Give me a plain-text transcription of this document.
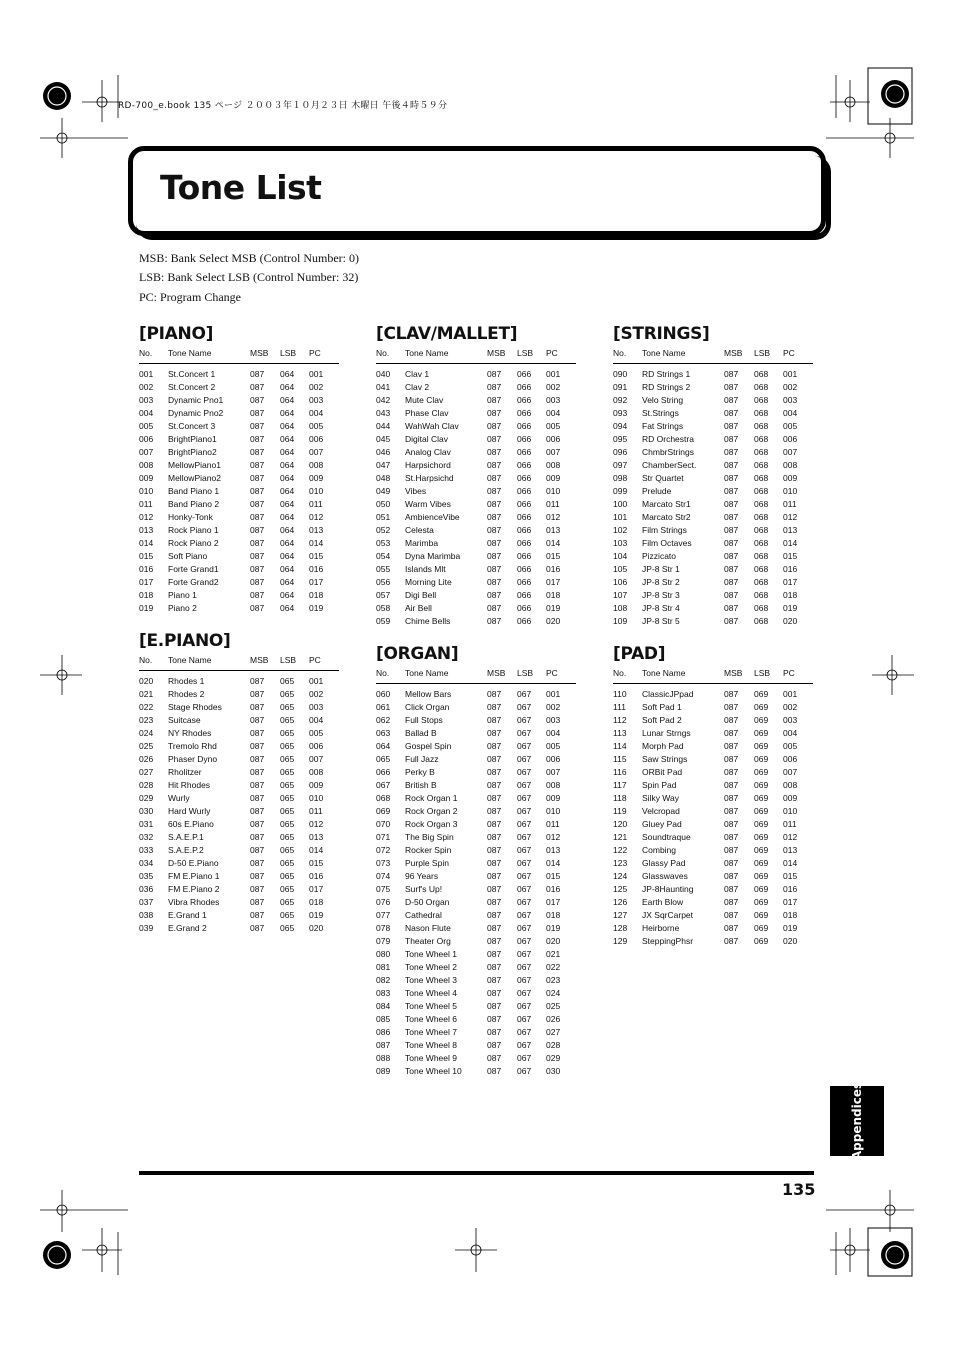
RD-700_e.book 135 ページ ２００３年１０月２３日 木曜日 午後４時５９分
Tone List
MSB: Bank Select MSB (Control Number: 0)
LSB: Bank Select LSB (Control Number: 32)
PC: Program Change
[PIANO]
No. Tone Name	MSB LSB PC
001 St.Concert 1	087 064 001
002 St.Concert 2	087 064 002
003 Dynamic Pno1	087 064 003
004 Dynamic Pno2	087 064 004
005 St.Concert 3	087 064 005
006 BrightPiano1	087 064 006
007 BrightPiano2	087 064 007
008 MellowPiano1	087 064 008
009 MellowPiano2	087 064 009
010 Band Piano 1	087 064 010
011 Band Piano 2	087 064 011
012 Honky-Tonk	087 064 012
013 Rock Piano 1	087 064 013
014 Rock Piano 2	087 064 014
015 Soft Piano	087 064 015
016 Forte Grand1	087 064 016
017 Forte Grand2	087 064 017
018 Piano 1	087 064 018
019 Piano 2	087 064 019
[E.PIANO]
No. Tone Name	MSB LSB PC
020 Rhodes 1	087 065 001
021 Rhodes 2	087 065 002
022 Stage Rhodes	087 065 003
023 Suitcase	087 065 004
024 NY Rhodes	087 065 005
025 Tremolo Rhd	087 065 006
026 Phaser Dyno	087 065 007
027 Rholitzer	087 065 008
028 Hit Rhodes	087 065 009
029 Wurly	087 065 010
030 Hard Wurly	087 065 011
031 60s E.Piano	087 065 012
032 S.A.E.P.1	087 065 013
033 S.A.E.P.2	087 065 014
034 D-50 E.Piano	087 065 015
035 FM E.Piano 1	087 065 016
036 FM E.Piano 2	087 065 017
037 Vibra Rhodes	087 065 018
038 E.Grand 1	087 065 019
039 E.Grand 2	087 065 020
[CLAV/MALLET]
No. Tone Name	MSB LSB PC
040 Clav 1	087 066 001
041 Clav 2	087 066 002
042 Mute Clav	087 066 003
043 Phase Clav	087 066 004
044 WahWah Clav	087 066 005
045 Digital Clav	087 066 006
046 Analog Clav	087 066 007
047 Harpsichord	087 066 008
048 St.Harpsichd	087 066 009
049 Vibes	087 066 010
050 Warm Vibes	087 066 011
051 AmbienceVibe	087 066 012
052 Celesta	087 066 013
053 Marimba	087 066 014
054 Dyna Marimba	087 066 015
055 Islands Mlt	087 066 016
056 Morning Lite	087 066 017
057 Digi Bell	087 066 018
058 Air Bell	087 066 019
059 Chime Bells	087 066 020
[ORGAN]
No. Tone Name	MSB LSB PC
060 Mellow Bars	087 067 001
061 Click Organ	087 067 002
062 Full Stops	087 067 003
063 Ballad B	087 067 004
064 Gospel Spin	087 067 005
065 Full Jazz	087 067 006
066 Perky B	087 067 007
067 British B	087 067 008
068 Rock Organ 1	087 067 009
069 Rock Organ 2	087 067 010
070 Rock Organ 3	087 067 011
071 The Big Spin	087 067 012
072 Rocker Spin	087 067 013
073 Purple Spin	087 067 014
074 96 Years	087 067 015
075 Surf's Up!	087 067 016
076 D-50 Organ	087 067 017
077 Cathedral	087 067 018
078 Nason Flute	087 067 019
079 Theater Org	087 067 020
080 Tone Wheel 1	087 067 021
081 Tone Wheel 2	087 067 022
082 Tone Wheel 3	087 067 023
083 Tone Wheel 4	087 067 024
084 Tone Wheel 5	087 067 025
085 Tone Wheel 6	087 067 026
086 Tone Wheel 7	087 067 027
087 Tone Wheel 8	087 067 028
088 Tone Wheel 9	087 067 029
089 Tone Wheel 10	087 067 030
[STRINGS]
No. Tone Name	MSB LSB PC
090 RD Strings 1	087 068 001
091 RD Strings 2	087 068 002
092 Velo String	087 068 003
093 St.Strings	087 068 004
094 Fat Strings	087 068 005
095 RD Orchestra	087 068 006
096 ChmbrStrings	087 068 007
097 ChamberSect.	087 068 008
098 Str Quartet	087 068 009
099 Prelude	087 068 010
100 Marcato Str1	087 068 011
101 Marcato Str2	087 068 012
102 Film Strings	087 068 013
103 Film Octaves	087 068 014
104 Pizzicato	087 068 015
105 JP-8 Str 1	087 068 016
106 JP-8 Str 2	087 068 017
107 JP-8 Str 3	087 068 018
108 JP-8 Str 4	087 068 019
109 JP-8 Str 5	087 068 020
[PAD]
No. Tone Name	MSB LSB PC
110 ClassicJPpad	087 069 001
111 Soft Pad 1	087 069 002
112 Soft Pad 2	087 069 003
113 Lunar Strngs	087 069 004
114 Morph Pad	087 069 005
115 Saw Strings	087 069 006
116 ORBit Pad	087 069 007
117 Spin Pad	087 069 008
118 Silky Way	087 069 009
119 Velcropad	087 069 010
120 Gluey Pad	087 069 011
121 Soundtraque	087 069 012
122 Combing	087 069 013
123 Glassy Pad	087 069 014
124 Glasswaves	087 069 015
125 JP-8Haunting	087 069 016
126 Earth Blow	087 069 017
127 JX SqrCarpet	087 069 018
128 Heirborne	087 069 019
129 SteppingPhsr	087 069 020
Appendices
135
